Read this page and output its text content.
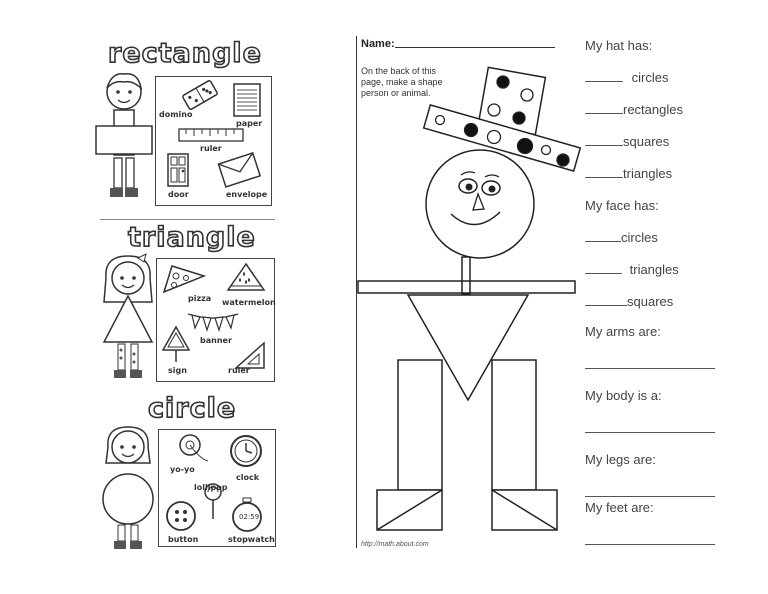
rectangle
domino
paper
ruler
door	envelope
triangle
pizza watermelon
banner
sign	ruler
circle
yo-yo
clock
lollipop
button
02:59
stopwatch
Name:
On the back of this
page, make a shape
person or animal.
http://math.about.com
My hat has:
circles
rectangles
squares
triangles
My face has:
circles
triangles
squares
My arms are:
My body is a:
My legs are:
My feet are:
